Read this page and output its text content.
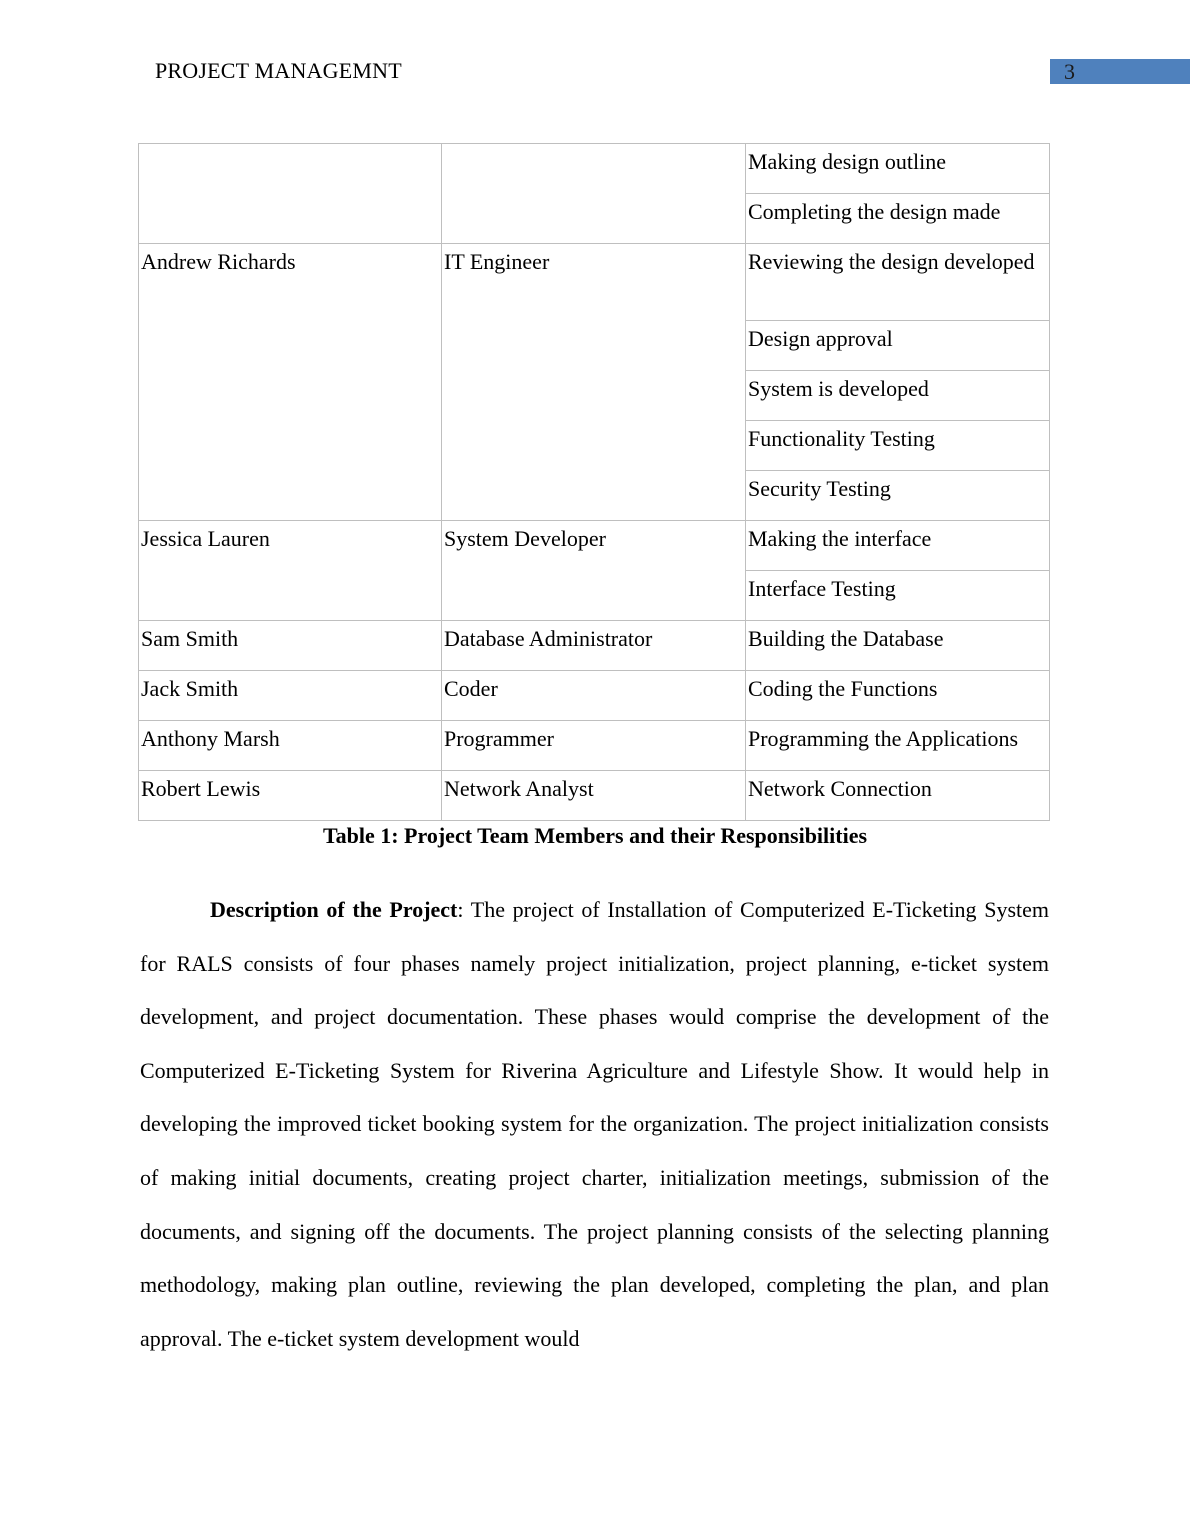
PROJECT MANAGEMNT	3
		Making design outline
		Completing the design made
Andrew Richards	IT Engineer	Reviewing the design developed
		Design approval
		System is developed
		Functionality Testing
		Security Testing
Jessica Lauren	System Developer	Making the interface
		Interface Testing
Sam Smith	Database Administrator	Building the Database
Jack Smith	Coder	Coding the Functions
Anthony Marsh	Programmer	Programming the Applications
Robert Lewis	Network Analyst	Network Connection
Table 1: Project Team Members and their Responsibilities

Description of the Project: The project of Installation of Computerized E-Ticketing System for RALS consists of four phases namely project initialization, project planning, e-ticket system development, and project documentation. These phases would comprise the development of the Computerized E-Ticketing System for Riverina Agriculture and Lifestyle Show. It would help in developing the improved ticket booking system for the organization. The project initialization consists of making initial documents, creating project charter, initialization meetings, submission of the documents, and signing off the documents. The project planning consists of the selecting planning methodology, making plan outline, reviewing the plan developed, completing the plan, and plan approval. The e-ticket system development would
